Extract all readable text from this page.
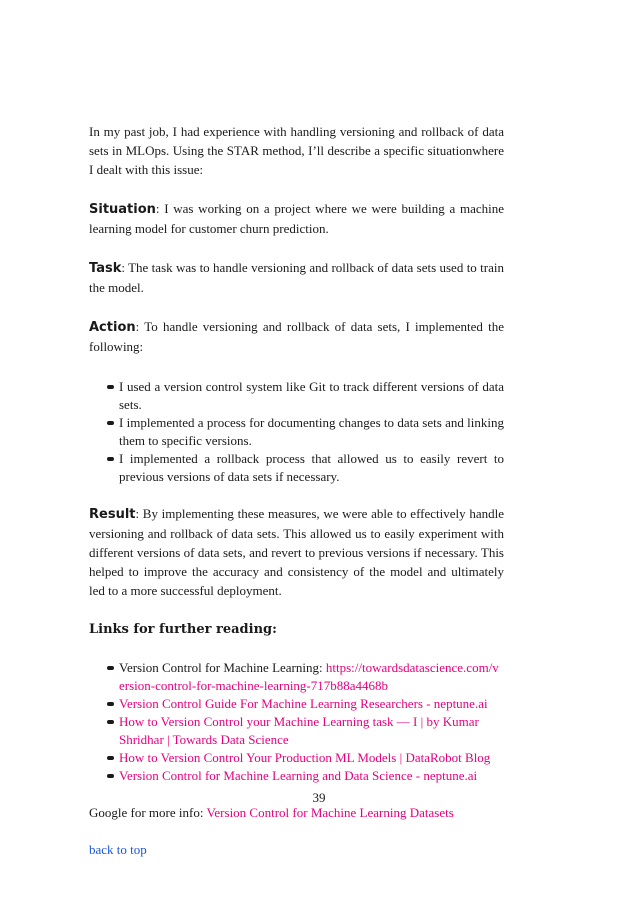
In my past job, I had experience with handling versioning and rollback of data sets in MLOps. Using the STAR method, I’ll describe a specific situationwhere I dealt with this issue:

Situation: I was working on a project where we were building a machine learning model for customer churn prediction.

Task: The task was to handle versioning and rollback of data sets used to train the model.

Action: To handle versioning and rollback of data sets, I implemented the following:

I used a version control system like Git to track different versions of data sets.
I implemented a process for documenting changes to data sets and linking them to specific versions.
I implemented a rollback process that allowed us to easily revert to previous versions of data sets if necessary.

Result: By implementing these measures, we were able to effectively handle versioning and rollback of data sets. This allowed us to easily experiment with different versions of data sets, and revert to previous versions if necessary. This helped to improve the accuracy and consistency of the model and ultimately led to a more successful deployment.

Links for further reading:

Version Control for Machine Learning: https://towardsdatascience.com/version-control-for-machine-learning-717b88a4468b
Version Control Guide For Machine Learning Researchers - neptune.ai
How to Version Control your Machine Learning task — I | by Kumar Shridhar | Towards Data Science
How to Version Control Your Production ML Models | DataRobot Blog
Version Control for Machine Learning and Data Science - neptune.ai

Google for more info: Version Control for Machine Learning Datasets

back to top

39
